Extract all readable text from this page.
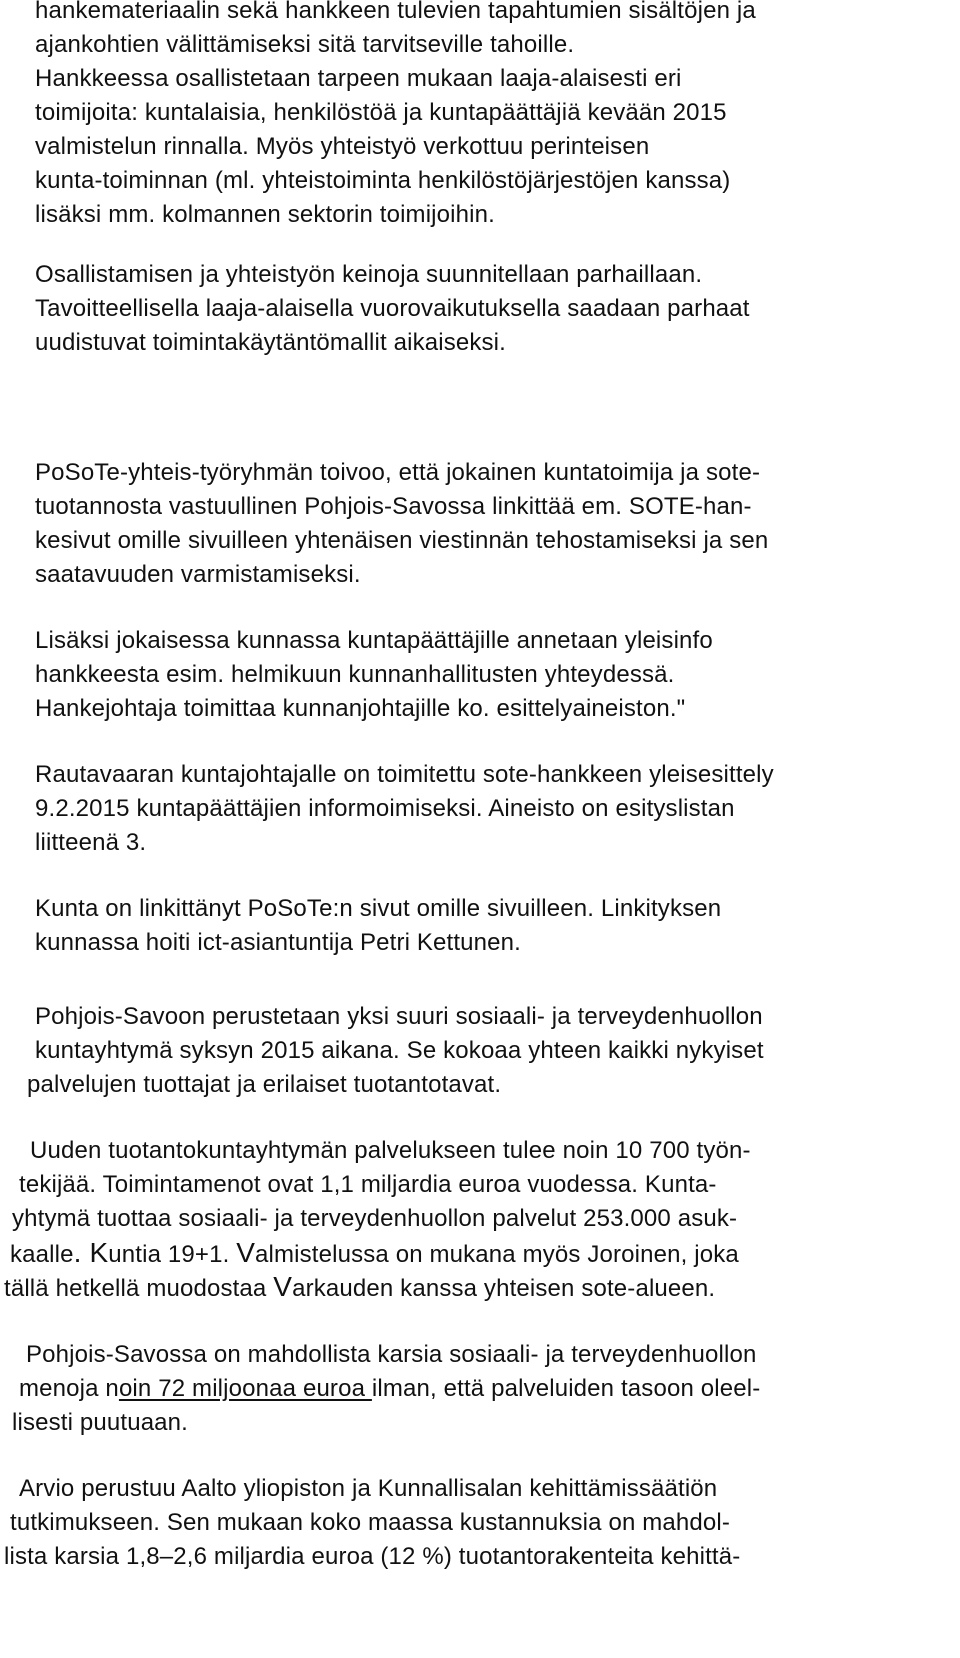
hankemateriaalin sekä hankkeen tulevien tapahtumien sisältöjen ja
ajankohtien välittämiseksi sitä tarvitseville tahoille.
Hankkeessa osallistetaan tarpeen mukaan laaja-alaisesti eri
toimijoita: kuntalaisia, henkilöstöä ja kuntapäättäjiä kevään 2015
valmistelun rinnalla. Myös yhteistyö verkottuu perinteisen
kunta-toiminnan (ml. yhteistoiminta henkilöstöjärjestöjen kanssa)
lisäksi mm. kolmannen sektorin toimijoihin.
Osallistamisen ja yhteistyön keinoja suunnitellaan parhaillaan.
Tavoitteellisella laaja-alaisella vuorovaikutuksella saadaan parhaat
uudistuvat toimintakäytäntömallit aikaiseksi.
PoSoTe-yhteis-työryhmän toivoo, että jokainen kuntatoimija ja sote-
tuotannosta vastuullinen Pohjois-Savossa linkittää em. SOTE-han-
kesivut omille sivuilleen yhtenäisen viestinnän tehostamiseksi ja sen
saatavuuden varmistamiseksi.
Lisäksi jokaisessa kunnassa kuntapäättäjille annetaan yleisinfo
hankkeesta esim. helmikuun kunnanhallitusten yhteydessä.
Hankejohtaja toimittaa kunnanjohtajille ko. esittelyaineiston."
Rautavaaran kuntajohtajalle on toimitettu sote-hankkeen yleisesittely
9.2.2015 kuntapäättäjien informoimiseksi. Aineisto on esityslistan
liitteenä 3.
Kunta on linkittänyt PoSoTe:n sivut omille sivuilleen. Linkityksen
kunnassa hoiti ict-asiantuntija Petri Kettunen.
Pohjois-Savoon perustetaan yksi suuri sosiaali- ja terveydenhuollon
kuntayhtymä syksyn 2015 aikana. Se kokoaa yhteen kaikki nykyiset
palvelujen tuottajat ja erilaiset tuotantotavat.
Uuden tuotantokuntayhtymän palvelukseen tulee noin 10 700 työn-
tekijää. Toimintamenot ovat 1,1 miljardia euroa vuodessa. Kunta-
yhtymä tuottaa sosiaali- ja terveydenhuollon palvelut 253.000 asuk-
kaalle. Kuntia 19+1. Valmistelussa on mukana myös Joroinen, joka
tällä hetkellä muodostaa Varkauden kanssa yhteisen sote-alueen.
Pohjois-Savossa on mahdollista karsia sosiaali- ja terveydenhuollon
menoja noin 72 miljoonaa euroa ilman, että palveluiden tasoon oleel-
lisesti puutuaan.
Arvio perustuu Aalto yliopiston ja Kunnallisalan kehittämissäätiön
tutkimukseen. Sen mukaan koko maassa kustannuksia on mahdol-
lista karsia 1,8–2,6 miljardia euroa (12 %) tuotantorakenteita kehittä-
